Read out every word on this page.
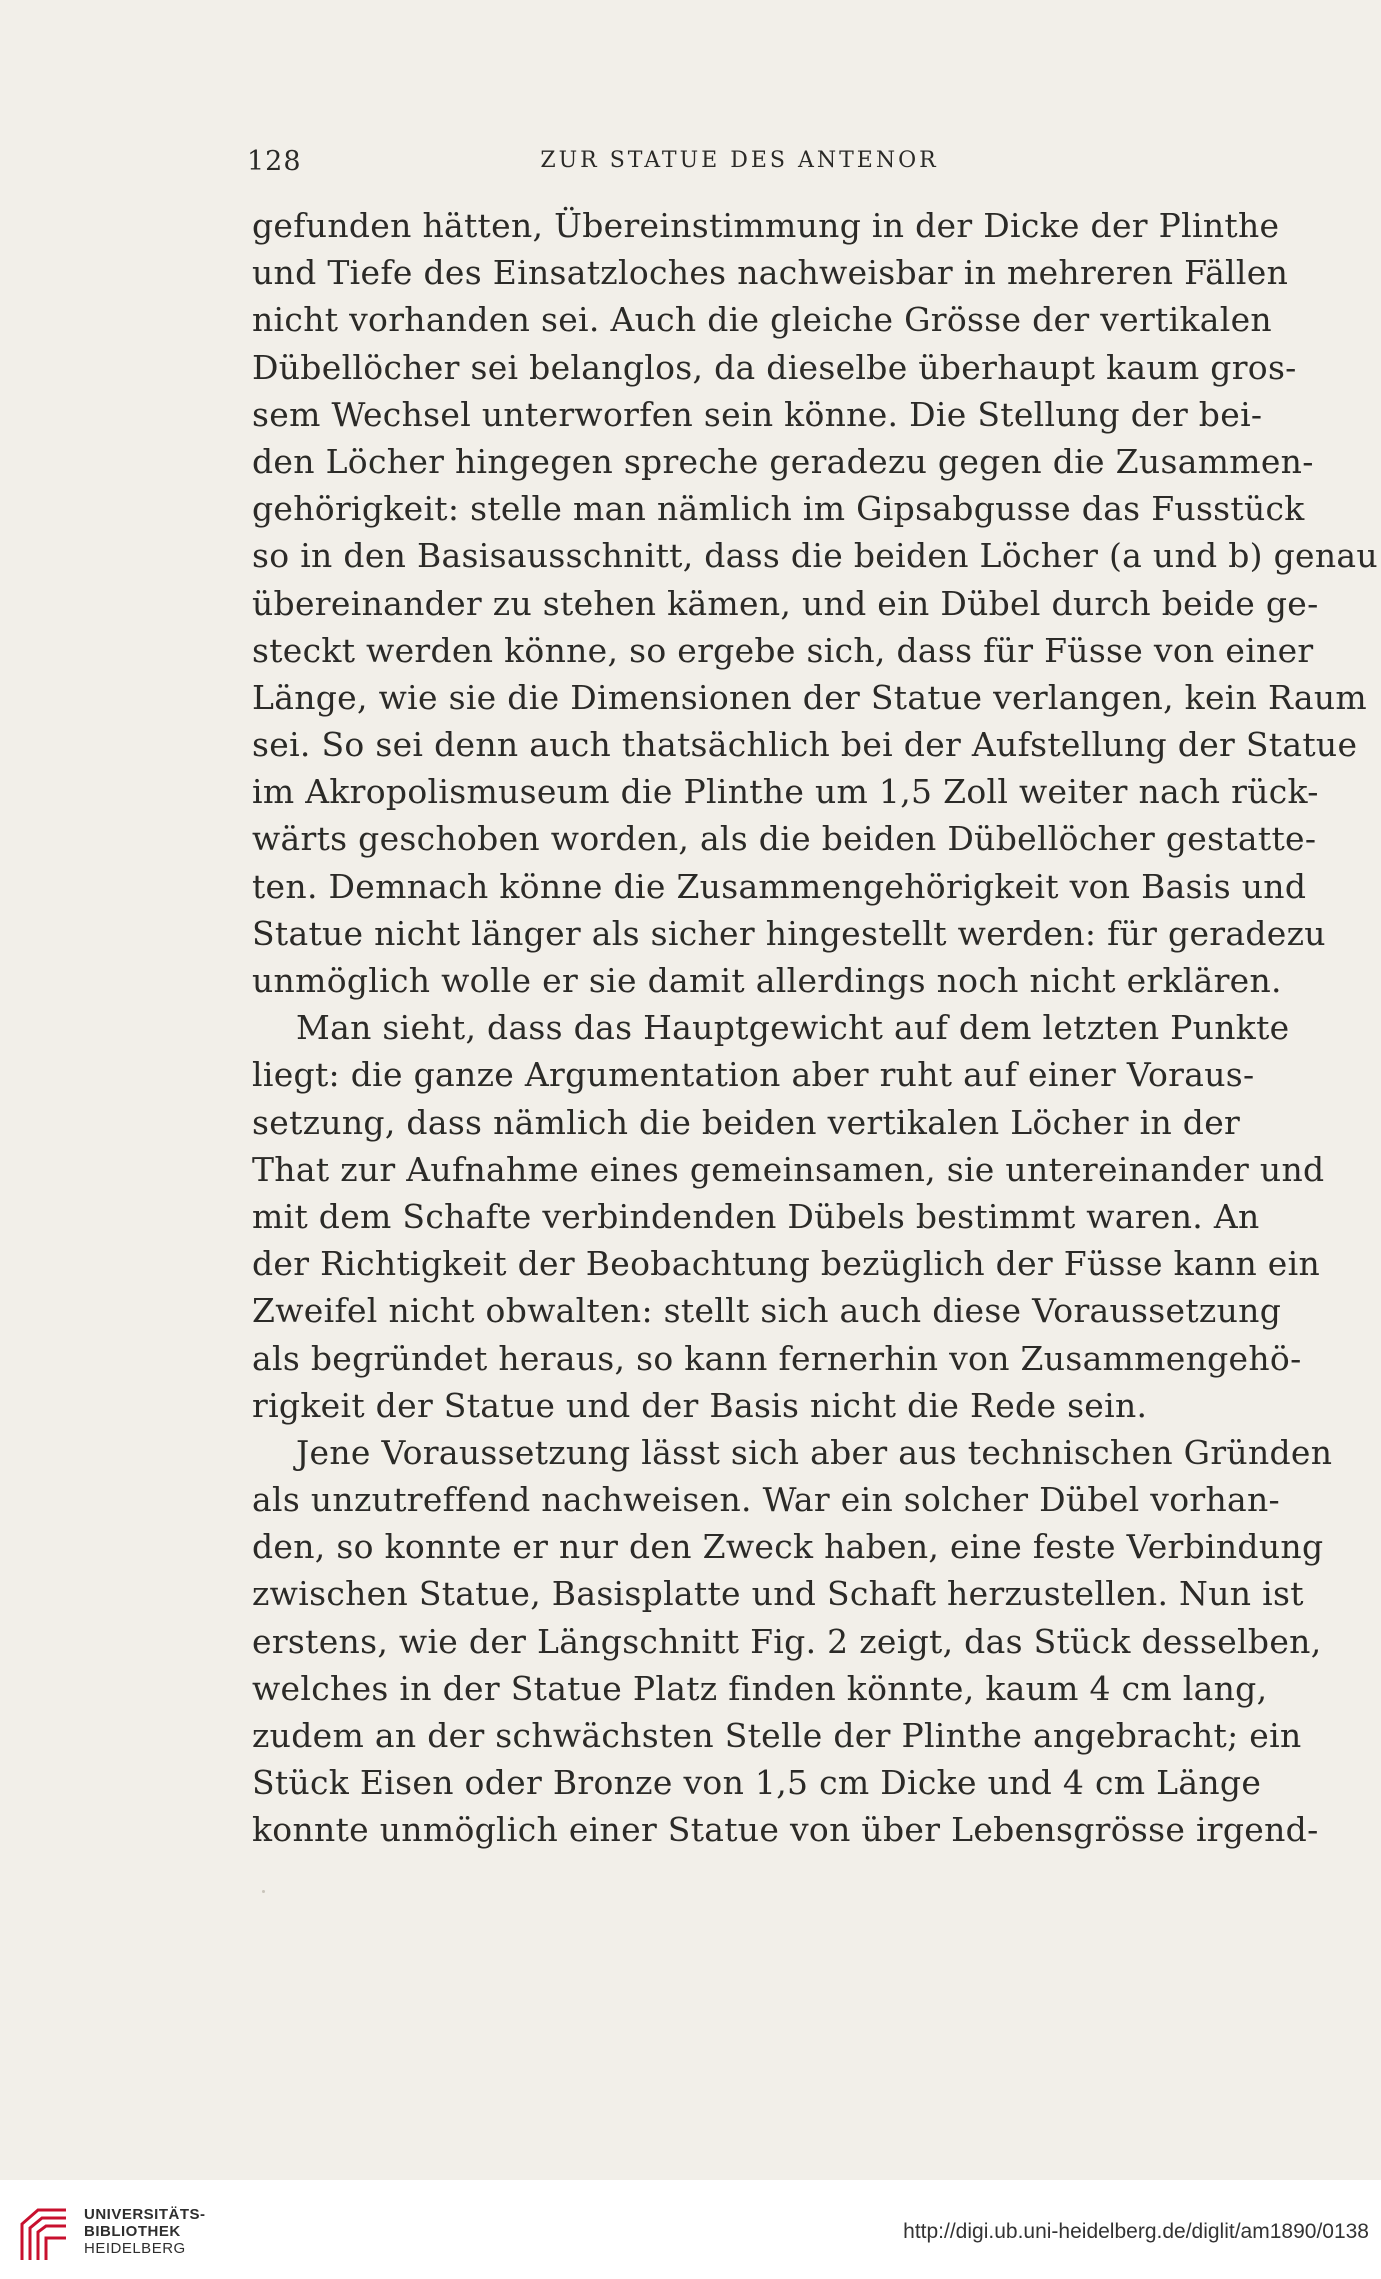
128	ZUR STATUE DES ANTENOR
gefunden hätten, Übereinstimmung in der Dicke der Plinthe
und Tiefe des Einsatzloches nachweisbar in mehreren Fällen
nicht vorhanden sei. Auch die gleiche Grösse der vertikalen
Dübellöcher sei belanglos, da dieselbe überhaupt kaum gros-
sem Wechsel unterworfen sein könne. Die Stellung der bei-
den Löcher hingegen spreche geradezu gegen die Zusammen-
gehörigkeit: stelle man nämlich im Gipsabgusse das Fusstück
so in den Basisausschnitt, dass die beiden Löcher (a und b) genau
übereinander zu stehen kämen, und ein Dübel durch beide ge-
steckt werden könne, so ergebe sich, dass für Füsse von einer
Länge, wie sie die Dimensionen der Statue verlangen, kein Raum
sei. So sei denn auch thatsächlich bei der Aufstellung der Statue
im Akropolismuseum die Plinthe um 1,5 Zoll weiter nach rück-
wärts geschoben worden, als die beiden Dübellöcher gestatte-
ten. Demnach könne die Zusammengehörigkeit von Basis und
Statue nicht länger als sicher hingestellt werden: für geradezu
unmöglich wolle er sie damit allerdings noch nicht erklären.
Man sieht, dass das Hauptgewicht auf dem letzten Punkte
liegt: die ganze Argumentation aber ruht auf einer Voraus-
setzung, dass nämlich die beiden vertikalen Löcher in der
That zur Aufnahme eines gemeinsamen, sie untereinander und
mit dem Schafte verbindenden Dübels bestimmt waren. An
der Richtigkeit der Beobachtung bezüglich der Füsse kann ein
Zweifel nicht obwalten: stellt sich auch diese Voraussetzung
als begründet heraus, so kann fernerhin von Zusammengehö-
rigkeit der Statue und der Basis nicht die Rede sein.
Jene Voraussetzung lässt sich aber aus technischen Gründen
als unzutreffend nachweisen. War ein solcher Dübel vorhan-
den, so konnte er nur den Zweck haben, eine feste Verbindung
zwischen Statue, Basisplatte und Schaft herzustellen. Nun ist
erstens, wie der Längschnitt Fig. 2 zeigt, das Stück desselben,
welches in der Statue Platz finden könnte, kaum 4 cm lang,
zudem an der schwächsten Stelle der Plinthe angebracht; ein
Stück Eisen oder Bronze von 1,5 cm Dicke und 4 cm Länge
konnte unmöglich einer Statue von über Lebensgrösse irgend-
UNIVERSITÄTS-
BIBLIOTHEK
HEIDELBERG
http://digi.ub.uni-heidelberg.de/diglit/am1890/0138
